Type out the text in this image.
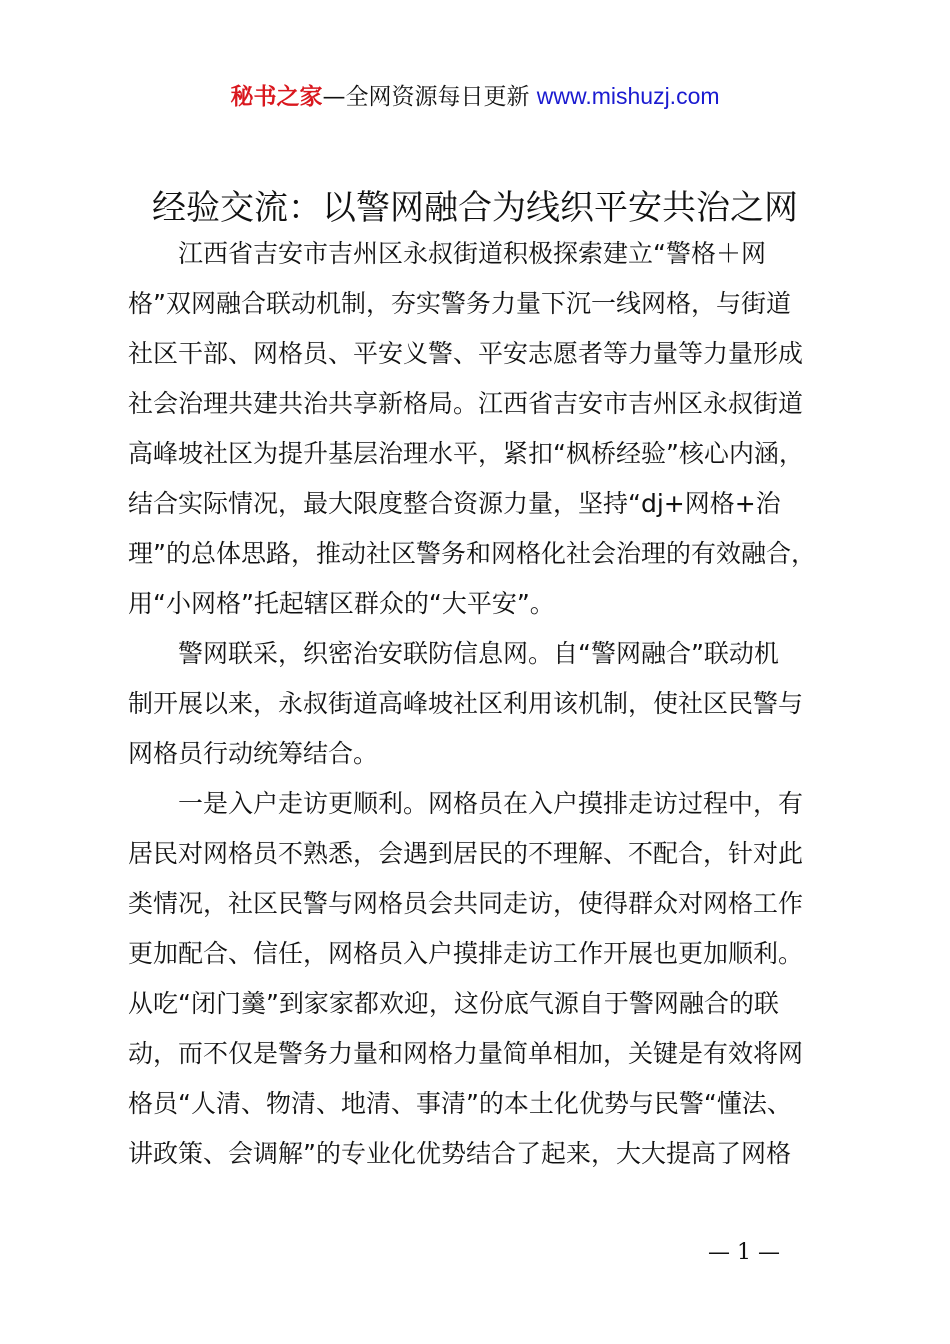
秘书之家—全网资源每日更新 www.mishuzj.com
经验交流：以警网融合为线织平安共治之网
江西省吉安市吉州区永叔街道积极探索建立“警格＋网
格”双网融合联动机制，夯实警务力量下沉一线网格，与街道
社区干部、网格员、平安义警、平安志愿者等力量等力量形成
社会治理共建共治共享新格局。江西省吉安市吉州区永叔街道
高峰坡社区为提升基层治理水平，紧扣“枫桥经验”核心内涵，
结合实际情况，最大限度整合资源力量，坚持“dj+网格+治
理”的总体思路，推动社区警务和网格化社会治理的有效融合，
用“小网格”托起辖区群众的“大平安”。
警网联采，织密治安联防信息网。自“警网融合”联动机
制开展以来，永叔街道高峰坡社区利用该机制，使社区民警与
网格员行动统筹结合。
一是入户走访更顺利。网格员在入户摸排走访过程中，有
居民对网格员不熟悉，会遇到居民的不理解、不配合，针对此
类情况，社区民警与网格员会共同走访，使得群众对网格工作
更加配合、信任，网格员入户摸排走访工作开展也更加顺利。
从吃“闭门羹”到家家都欢迎，这份底气源自于警网融合的联
动，而不仅是警务力量和网格力量简单相加，关键是有效将网
格员“人清、物清、地清、事清”的本土化优势与民警“懂法、
讲政策、会调解”的专业化优势结合了起来，大大提高了网格
— 1 —
